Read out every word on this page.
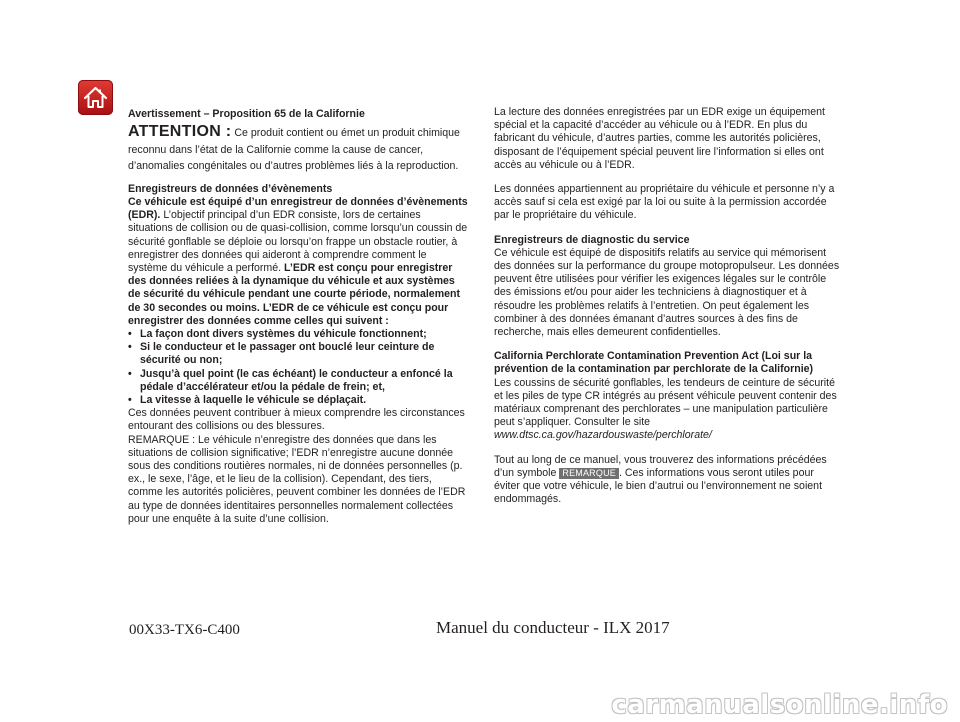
Avertissement – Proposition 65 de la Californie

ATTENTION : Ce produit contient ou émet un produit chimique reconnu dans l’état de la Californie comme la cause de cancer, d’anomalies congénitales ou d’autres problèmes liés à la reproduction.

Enregistreurs de données d’évènements

Ce véhicule est équipé d’un enregistreur de données d’évènements (EDR). L’objectif principal d’un EDR consiste, lors de certaines situations de collision ou de quasi-collision, comme lorsqu’un coussin de sécurité gonflable se déploie ou lorsqu’on frappe un obstacle routier, à enregistrer des données qui aideront à comprendre comment le système du véhicule a performé. L’EDR est conçu pour enregistrer des données reliées à la dynamique du véhicule et aux systèmes de sécurité du véhicule pendant une courte période, normalement de 30 secondes ou moins. L’EDR de ce véhicule est conçu pour enregistrer des données comme celles qui suivent :

• La façon dont divers systèmes du véhicule fonctionnent;
• Si le conducteur et le passager ont bouclé leur ceinture de sécurité ou non;
• Jusqu’à quel point (le cas échéant) le conducteur a enfoncé la pédale d’accélérateur et/ou la pédale de frein; et,
• La vitesse à laquelle le véhicule se déplaçait.

Ces données peuvent contribuer à mieux comprendre les circonstances entourant des collisions ou des blessures.

REMARQUE : Le véhicule n’enregistre des données que dans les situations de collision significative; l’EDR n’enregistre aucune donnée sous des conditions routières normales, ni de données personnelles (p. ex., le sexe, l’âge, et le lieu de la collision). Cependant, des tiers, comme les autorités policières, peuvent combiner les données de l’EDR au type de données identitaires personnelles normalement collectées pour une enquête à la suite d’une collision.

La lecture des données enregistrées par un EDR exige un équipement spécial et la capacité d’accéder au véhicule ou à l’EDR. En plus du fabricant du véhicule, d’autres parties, comme les autorités policières, disposant de l’équipement spécial peuvent lire l’information si elles ont accès au véhicule ou à l’EDR.

Les données appartiennent au propriétaire du véhicule et personne n’y a accès sauf si cela est exigé par la loi ou suite à la permission accordée par le propriétaire du véhicule.

Enregistreurs de diagnostic du service

Ce véhicule est équipé de dispositifs relatifs au service qui mémorisent des données sur la performance du groupe motopropulseur. Les données peuvent être utilisées pour vérifier les exigences légales sur le contrôle des émissions et/ou pour aider les techniciens à diagnostiquer et à résoudre les problèmes relatifs à l’entretien. On peut également les combiner à des données émanant d’autres sources à des fins de recherche, mais elles demeurent confidentielles.

California Perchlorate Contamination Prevention Act (Loi sur la prévention de la contamination par perchlorate de la Californie)

Les coussins de sécurité gonflables, les tendeurs de ceinture de sécurité et les piles de type CR intégrés au présent véhicule peuvent contenir des matériaux comprenant des perchlorates – une manipulation particulière peut s’appliquer. Consulter le site

www.dtsc.ca.gov/hazardouswaste/perchlorate/

Tout au long de ce manuel, vous trouverez des informations précédées d’un symbole REMARQUE . Ces informations vous seront utiles pour éviter que votre véhicule, le bien d’autrui ou l’environnement ne soient endommagés.

00X33-TX6-C400	Manuel du conducteur - ILX 2017
carmanualsonline.info
